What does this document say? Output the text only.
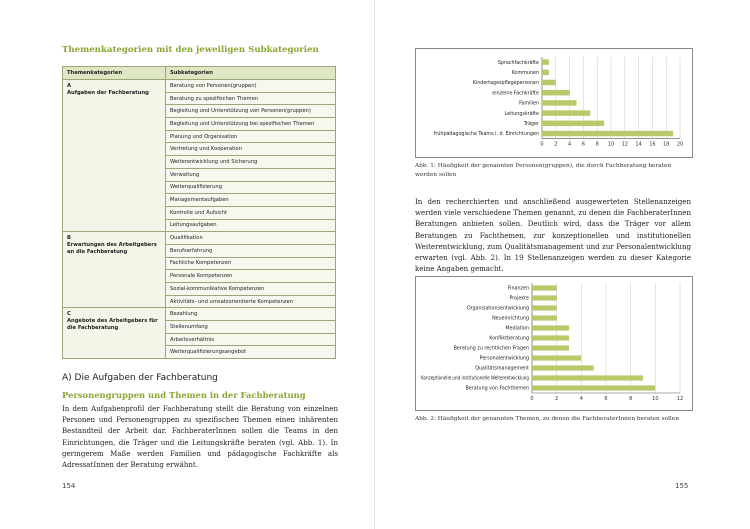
Themenkategorien mit den jeweiligen Subkategorien
Themenkategorien	Subkategorien

A
Aufgaben der Fachberatung	Beratung von Personen(gruppen)
	Beratung zu spezifischen Themen
	Begleitung und Unterstützung von Personen(gruppen)
	Begleitung und Unterstützung bei spezifischen Themen
	Planung und Organisation
	Vertretung und Kooperation
	Weiterentwicklung und Sicherung
	Verwaltung
	Weiterqualifizierung
	Managementaufgaben
	Kontrolle und Aufsicht
	Leitungsaufgaben

B
Erwartungen des Arbeitgebers an die Fachberatung	Qualifikation
	Berufserfahrung
	Fachliche Kompetenzen
	Personale Kompetenzen
	Sozial-kommunikative Kompetenzen
	Aktivitäts- und umsatzorientierte Kompetenzen

C
Angebote des Arbeitgebers für die Fachberatung	Bezahlung
	Stellenumfang
	Arbeitsverhältnis
	Weiterqualifizierungsangebot
A) Die Aufgaben der Fachberatung
Personengruppen und Themen in der Fachberatung
In dem Aufgabenprofil der Fachberatung stellt die Beratung von einzelnen Personen und Personengruppen zu spezifischen Themen einen inhärenten Bestandteil der Arbeit dar. FachberaterInnen sollen die Teams in den Einrichtungen, die Träger und die Leitungskräfte beraten (vgl. Abb. 1). In geringerem Maße werden Familien und pädagogische Fachkräfte als AdressatInnen der Beratung erwähnt.
154
0 2 4 6 8 10 12 14 16 18 20
Sprachfachkräfte
Kommunen
Kindertagespflegepersonen
einzelne Fachkräfte
Familien
Leitungskräfte
Träger
frühpädagogische Teams i. d. Einrichtungen
Abb. 1: Häufigkeit der genannten Personen(gruppen), die durch Fachberatung beraten werden sollen
In den recherchierten und anschließend ausgewerteten Stellenanzeigen werden viele verschiedene Themen genannt, zu denen die FachberaterInnen Beratungen anbieten sollen. Deutlich wird, dass die Träger vor allem Beratungen zu Fachthemen, zur konzeptionellen und institutionellen Weiterentwicklung, zum Qualitätsmanagement und zur Personalentwicklung erwarten (vgl. Abb. 2). In 19 Stellenanzeigen werden zu dieser Kategorie keine Angaben gemacht.
0	2	4	6	8	10	12
Finanzen
Projekte
Organisationsentwicklung
Neueinrichtung
Mediation
Konfliktberatung
Beratung zu rechtlichen Fragen
Personalentwicklung
Qualitätsmanagement
Konzeptionelle und institutionelle Weiterentwicklung
Beratung von Fachthemen
Abb. 2: Häufigkeit der genannten Themen, zu denen die FachberaterInnen beraten sollen
155
